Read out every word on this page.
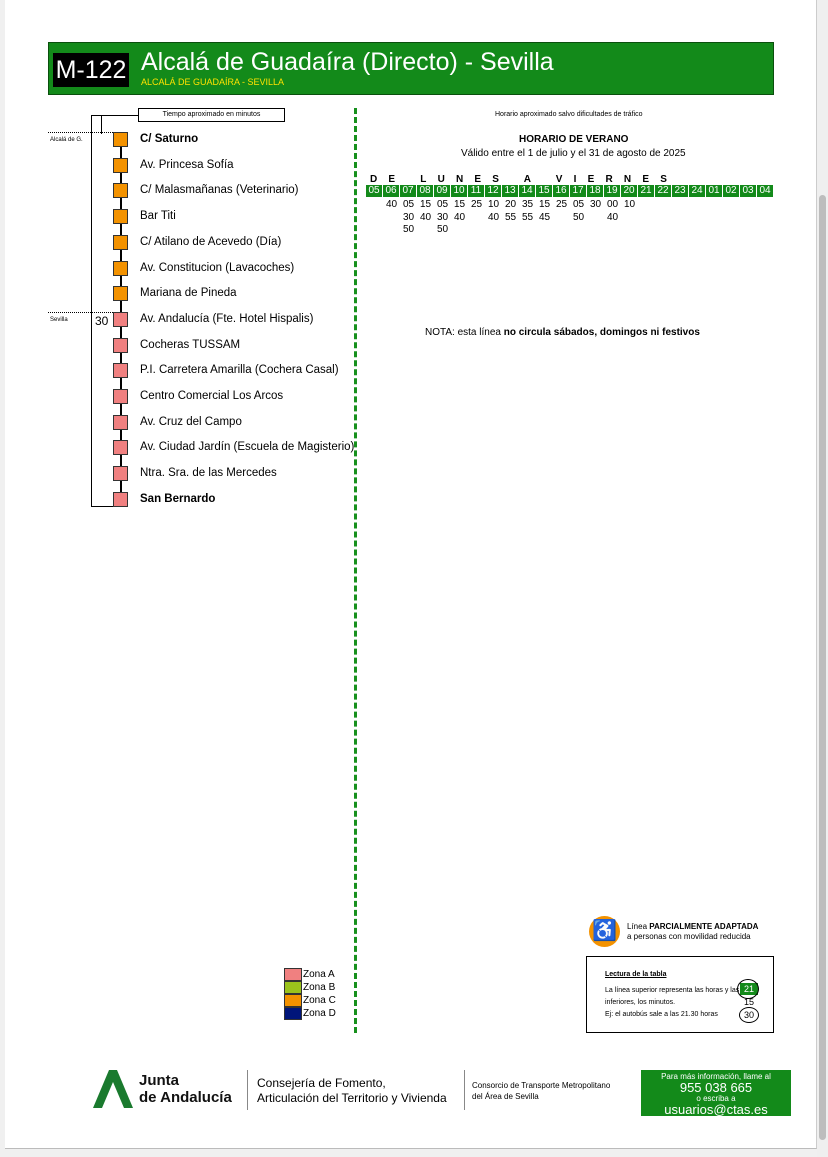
M-122 Alcalá de Guadaíra (Directo) - Sevilla
ALCALÁ DE GUADAÍRA - SEVILLA
Tiempo aproximado en minutos
Alcalá de G.
Sevilla 30
C/ Saturno
Av. Princesa Sofía
C/ Malasmañanas (Veterinario)
Bar Titi
C/ Atilano de Acevedo (Día)
Av. Constitucion (Lavacoches)
Mariana de Pineda
Av. Andalucía (Fte. Hotel Hispalis)
Cocheras TUSSAM
P.I. Carretera Amarilla (Cochera Casal)
Centro Comercial Los Arcos
Av. Cruz del Campo
Av. Ciudad Jardín (Escuela de Magisterio)
Ntra. Sra. de las Mercedes
San Bernardo
Horario aproximado salvo dificultades de tráfico
HORARIO DE VERANO
Válido entre el 1 de julio y el 31 de agosto de 2025
DE LUNES A VIERNES
05 06 07 08 09 10 11 12 13 14 15 16 17 18 19 20 21 22 23 24 01 02 03 04
40 05
30
50
15
40
05
30
50
15
40
25 10
40
20
55
35
55
15
45
25 05
50
30 00
40
10
NOTA: esta línea no circula sábados, domingos ni festivos
♿	Línea PARCIALMENTE ADAPTADA
a personas con movilidad reducida
Zona A
Zona B
Zona C
Zona D
Lectura de la tabla
La línea superior representa las horas y las inferiores, los minutos.
Ej: el autobús sale a las 21.30 horas
21
15
30
Junta
de Andalucía
Consejería de Fomento,
Articulación del Territorio y Vivienda
Consorcio de Transporte Metropolitano
del Área de Sevilla
Para más información, llame al
955 038 665
o escriba a
usuarios@ctas.es
